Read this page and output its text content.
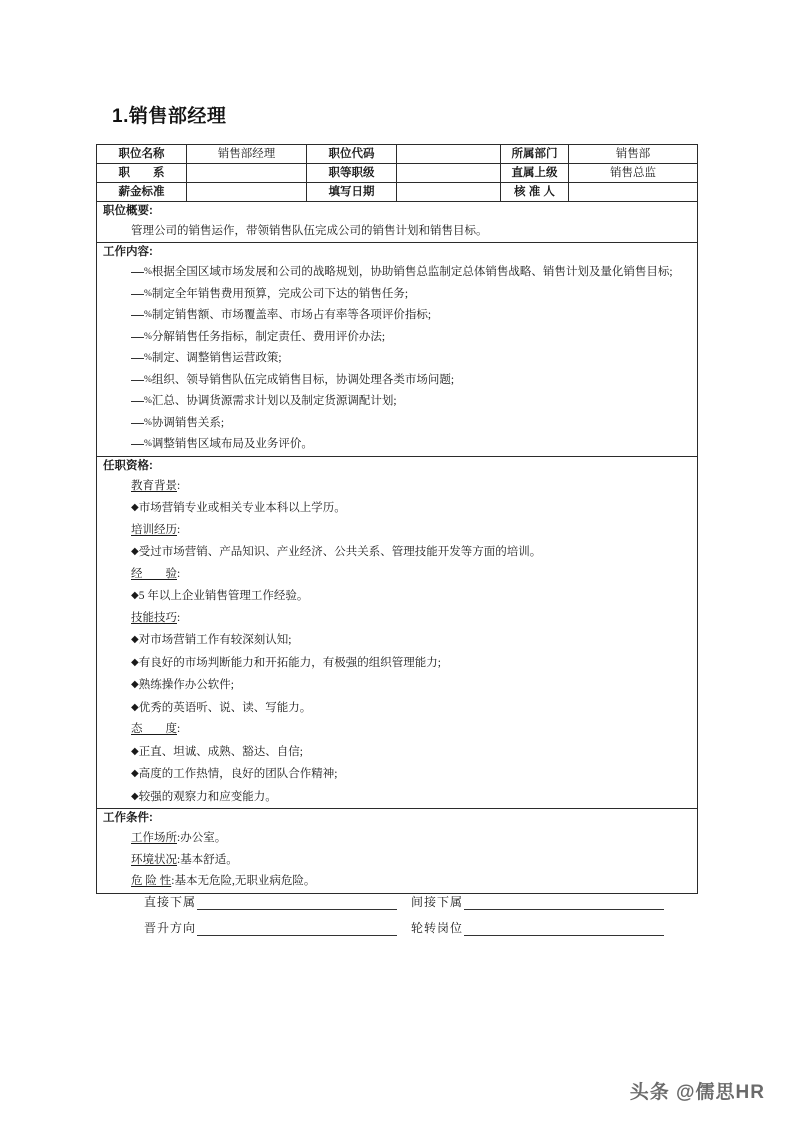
1.销售部经理
职位名称	销售部经理	职位代码		所属部门	销售部
职　　系		职等职级		直属上级	销售总监
薪金标准		填写日期		核 准 人	

职位概要:
管理公司的销售运作，带领销售队伍完成公司的销售计划和销售目标。					

工作内容:
%根据全国区域市场发展和公司的战略规划，协助销售总监制定总体销售战略、销售计划及量化销售目标;
%制定全年销售费用预算，完成公司下达的销售任务;
%制定销售额、市场覆盖率、市场占有率等各项评价指标;
%分解销售任务指标，制定责任、费用评价办法;
%制定、调整销售运营政策;
%组织、领导销售队伍完成销售目标，协调处理各类市场问题;
%汇总、协调货源需求计划以及制定货源调配计划;
%协调销售关系;
%调整销售区域布局及业务评价。

任职资格:
教育背景:
◆市场营销专业或相关专业本科以上学历。
培训经历:
◆受过市场营销、产品知识、产业经济、公共关系、管理技能开发等方面的培训。
经　　验:
◆5 年以上企业销售管理工作经验。
技能技巧:
◆对市场营销工作有较深刻认知;
◆有良好的市场判断能力和开拓能力，有极强的组织管理能力;
◆熟练操作办公软件;
◆优秀的英语听、说、读、写能力。
态　　度:
◆正直、坦诚、成熟、豁达、自信;
◆高度的工作热情，良好的团队合作精神;
◆较强的观察力和应变能力。

工作条件:
工作场所:办公室。
环境状况:基本舒适。
危 险 性:基本无危险,无职业病危险。					
直接下属	间接下属
晋升方向	轮转岗位
头条 @儒思HR
